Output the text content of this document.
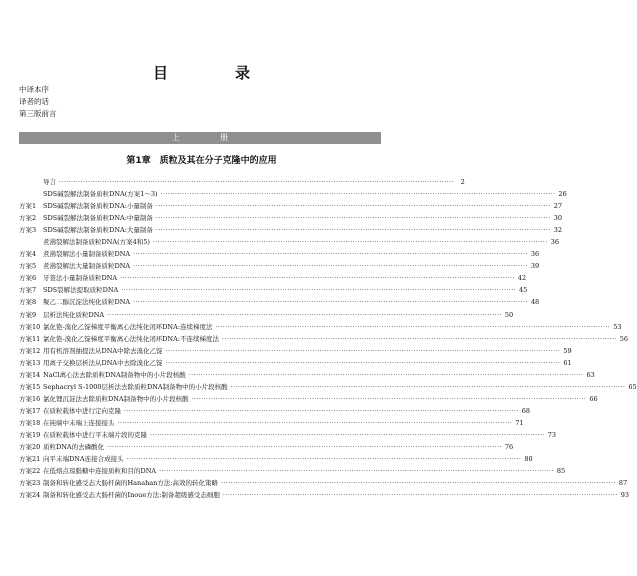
目　录
中译本序
译者的话
第三版前言
上　册
第1章　质粒及其在分子克隆中的应用
导言 ·····	2
SDS碱裂解法制备质粒DNA(方案1～3) ·····	26
方案1	SDS碱裂解法制备质粒DNA:小量制备 ·····	27
方案2	SDS碱裂解法制备质粒DNA:中量制备 ·····	30
方案3	SDS碱裂解法制备质粒DNA:大量制备 ·····	32
煮沸裂解法制备质粒DNA(方案4和5) ·····	36
方案4	煮沸裂解法小量制备质粒DNA ·····	36
方案5	煮沸裂解法大量制备质粒DNA ·····	39
方案6	牙签法小量制备质粒DNA ·····	42
方案7	SDS裂解法提取质粒DNA ·····	45
方案8	聚乙二醇沉淀法纯化质粒DNA ·····	48
方案9	层析法纯化质粒DNA ·····	50
方案10 氯化铯-溴化乙锭梯度平衡离心法纯化闭环DNA:连续梯度法 ·····	53
方案11 氯化铯-溴化乙锭梯度平衡离心法纯化闭环DNA:不连续梯度法 ·····	56
方案12 用有机溶剂抽提法从DNA中除去溴化乙锭 ·····	59
方案13 用离子交换层析法从DNA中去除溴化乙锭 ·····	61
方案14 NaCl离心法去除质粒DNA制备物中的小片段核酸 ·····	63
方案15 Sephacryl S-1000层析法去除质粒DNA制备物中的小片段核酸 ·····	65
方案16 氯化锂沉淀法去除质粒DNA制备物中的小片段核酸 ·····	66
方案17 在质粒载体中进行定向克隆 ·····	68
方案18 在钝端中末端上连接接头 ·····	71
方案19 在质粒载体中进行平末端片段的克隆 ·····	73
方案20 质粒DNA的去磷酸化 ·····	76
方案21 向平末端DNA连接合成接头 ·····	80
方案22 在低熔点琼脂糖中连接质粒和目的DNA ·····	85
方案23 制备和转化感受态大肠杆菌的Hanahan方法:高效的转化策略 ·····	87
方案24 制备和转化感受态大肠杆菌的Inoue方法:制备超级感受态细胞 ·····	93
